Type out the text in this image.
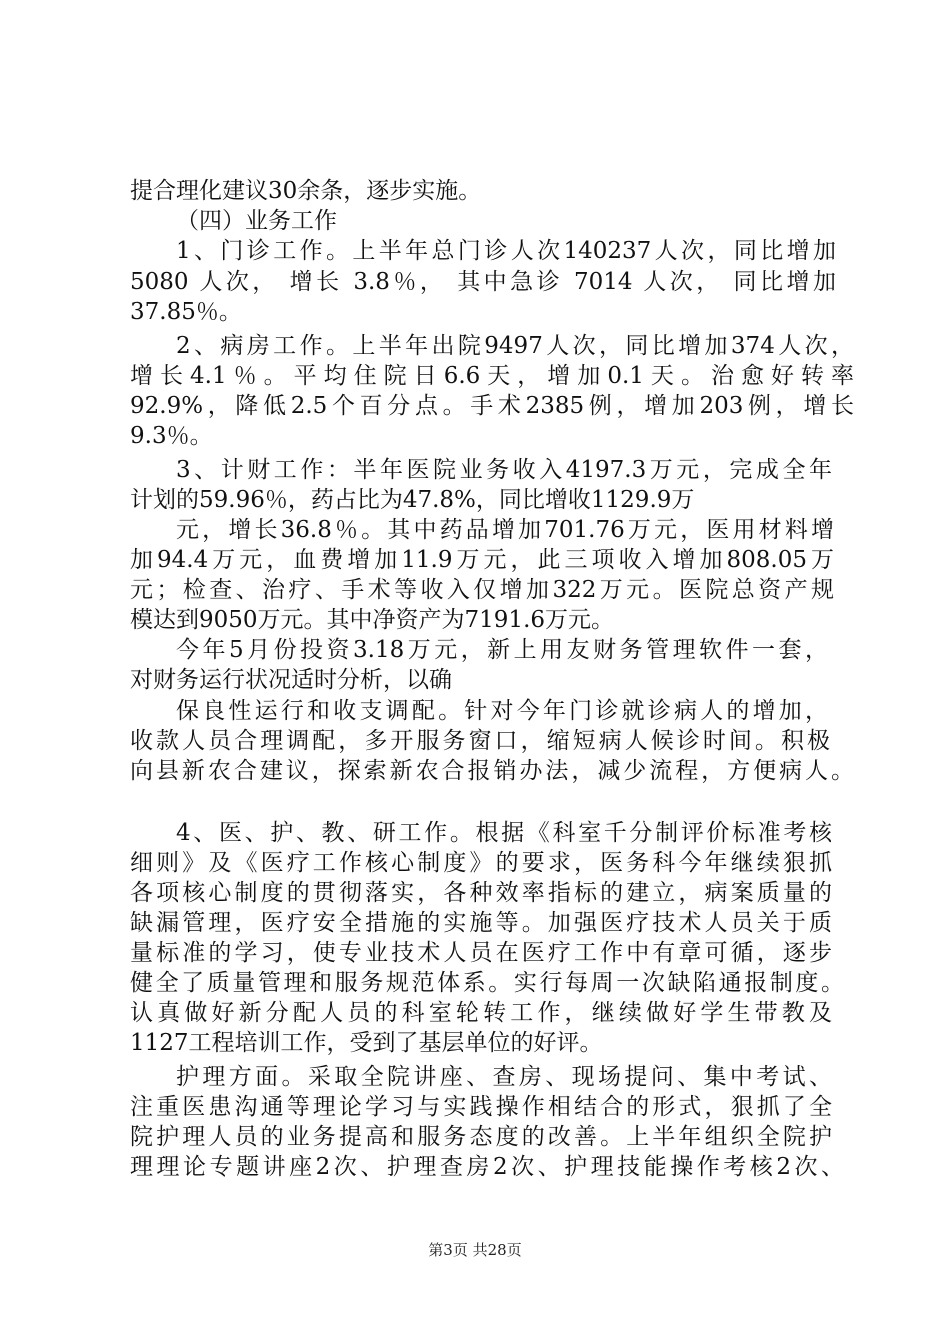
提合理化建议30余条，逐步实施。
（四）业务工作
1、门诊工作。上半年总门诊人次140237人次，同比增加
5080 人次， 增长 3.8％， 其中急诊 7014 人次， 同比增加
37.85％。
2、病房工作。上半年出院9497人次，同比增加374人次，
增长4.1％。平均住院日6.6天，增加0.1天。治愈好转率
92.9%，降低2.5个百分点。手术2385例，增加203例，增长
9.3％。
3、计财工作：半年医院业务收入4197.3万元，完成全年
计划的59.96％，药占比为47.8%，同比增收1129.9万
元，增长36.8％。其中药品增加701.76万元，医用材料增
加94.4万元，血费增加11.9万元，此三项收入增加808.05万
元；检查、治疗、手术等收入仅增加322万元。医院总资产规
模达到9050万元。其中净资产为7191.6万元。
今年5月份投资3.18万元，新上用友财务管理软件一套，
对财务运行状况适时分析，以确
保良性运行和收支调配。针对今年门诊就诊病人的增加，
收款人员合理调配，多开服务窗口，缩短病人候诊时间。积极
向县新农合建议，探索新农合报销办法，减少流程，方便病人。
4、医、护、教、研工作。根据《科室千分制评价标准考核
细则》及《医疗工作核心制度》的要求，医务科今年继续狠抓
各项核心制度的贯彻落实，各种效率指标的建立，病案质量的
缺漏管理，医疗安全措施的实施等。加强医疗技术人员关于质
量标准的学习，使专业技术人员在医疗工作中有章可循，逐步
健全了质量管理和服务规范体系。实行每周一次缺陷通报制度。
认真做好新分配人员的科室轮转工作，继续做好学生带教及
1127工程培训工作，受到了基层单位的好评。
护理方面。采取全院讲座、查房、现场提问、集中考试、
注重医患沟通等理论学习与实践操作相结合的形式，狠抓了全
院护理人员的业务提高和服务态度的改善。上半年组织全院护
理理论专题讲座2次、护理查房2次、护理技能操作考核2次、
第3页 共28页
